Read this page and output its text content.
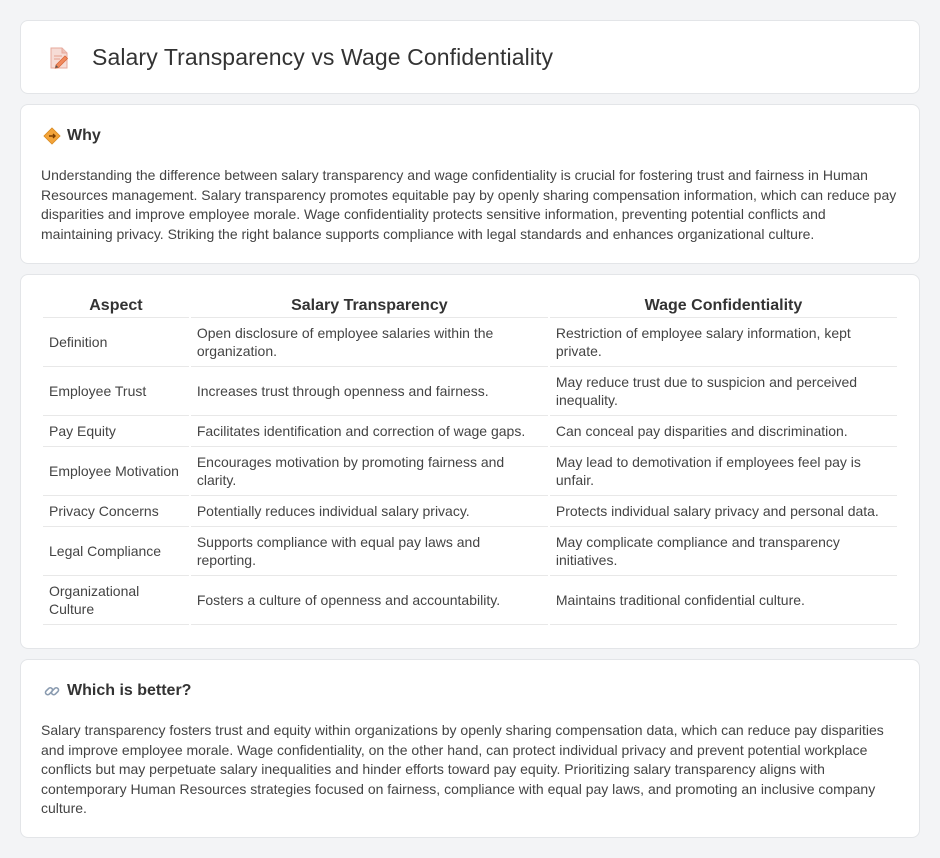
Salary Transparency vs Wage Confidentiality
Why

Understanding the difference between salary transparency and wage confidentiality is crucial for fostering trust and fairness in Human Resources management. Salary transparency promotes equitable pay by openly sharing compensation information, which can reduce pay disparities and improve employee morale. Wage confidentiality protects sensitive information, preventing potential conflicts and maintaining privacy. Striking the right balance supports compliance with legal standards and enhances organizational culture.

Aspect	Salary Transparency	Wage Confidentiality
Definition	Open disclosure of employee salaries within the organization.	Restriction of employee salary information, kept private.
Employee Trust	Increases trust through openness and fairness.	May reduce trust due to suspicion and perceived inequality.
Pay Equity	Facilitates identification and correction of wage gaps.	Can conceal pay disparities and discrimination.
Employee Motivation	Encourages motivation by promoting fairness and clarity.	May lead to demotivation if employees feel pay is unfair.
Privacy Concerns	Potentially reduces individual salary privacy.	Protects individual salary privacy and personal data.
Legal Compliance	Supports compliance with equal pay laws and reporting.	May complicate compliance and transparency initiatives.
Organizational Culture	Fosters a culture of openness and accountability.	Maintains traditional confidential culture.
Which is better?

Salary transparency fosters trust and equity within organizations by openly sharing compensation data, which can reduce pay disparities and improve employee morale. Wage confidentiality, on the other hand, can protect individual privacy and prevent potential workplace conflicts but may perpetuate salary inequalities and hinder efforts toward pay equity. Prioritizing salary transparency aligns with contemporary Human Resources strategies focused on fairness, compliance with equal pay laws, and promoting an inclusive company culture.
